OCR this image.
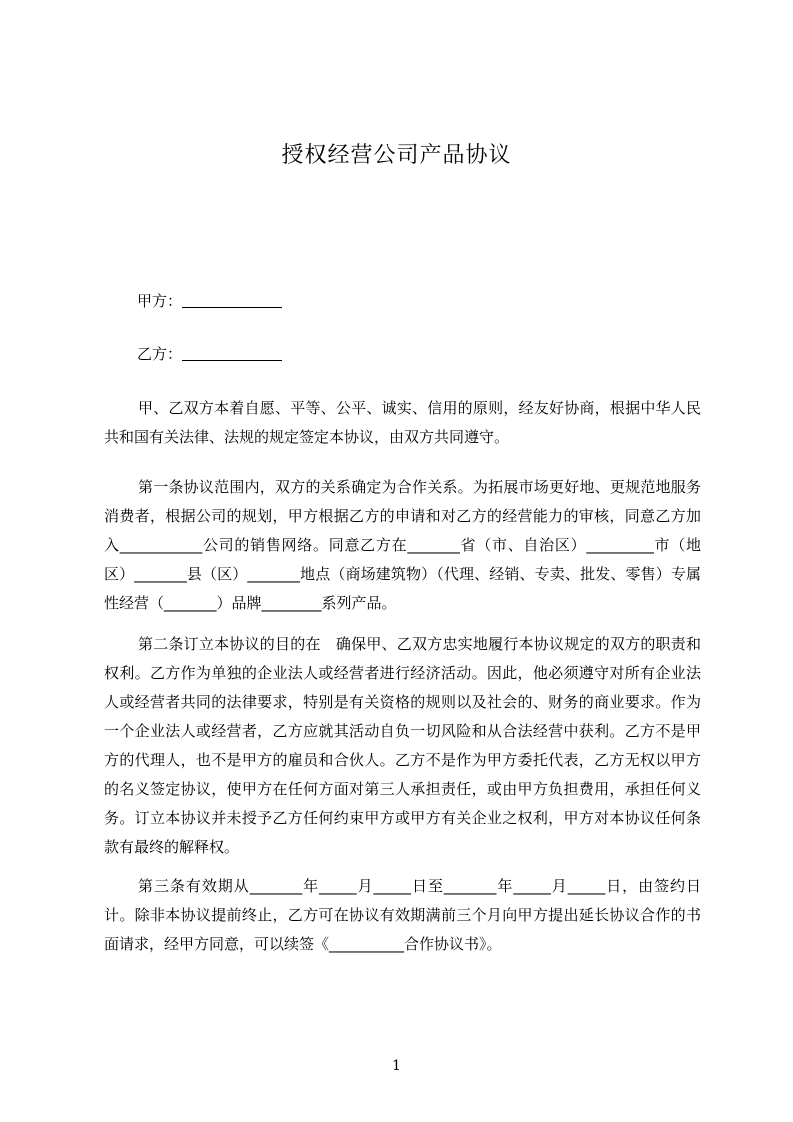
授权经营公司产品协议
甲方：
乙方：

甲、乙双方本着自愿、平等、公平、诚实、信用的原则，经友好协商，根据中华人民共和国有关法律、法规的规定签定本协议，由双方共同遵守。

第一条协议范围内，双方的关系确定为合作关系。为拓展市场更好地、更规范地服务消费者，根据公司的规划，甲方根据乙方的申请和对乙方的经营能力的审核，同意乙方加入___________公司的销售网络。同意乙方在_______省（市、自治区）_________市（地区）_______县（区）_______地点（商场建筑物）（代理、经销、专卖、批发、零售）专属性经营（_______）品牌________系列产品。

第二条订立本协议的目的在　确保甲、乙双方忠实地履行本协议规定的双方的职责和权利。乙方作为单独的企业法人或经营者进行经济活动。因此，他必须遵守对所有企业法人或经营者共同的法律要求，特别是有关资格的规则以及社会的、财务的商业要求。作为一个企业法人或经营者，乙方应就其活动自负一切风险和从合法经营中获利。乙方不是甲方的代理人，也不是甲方的雇员和合伙人。乙方不是作为甲方委托代表，乙方无权以甲方的名义签定协议，使甲方在任何方面对第三人承担责任，或由甲方负担费用，承担任何义务。订立本协议并未授予乙方任何约束甲方或甲方有关企业之权利，甲方对本协议任何条款有最终的解释权。

第三条有效期从_______年_____月_____日至_______年_____月_____日，由签约日计。除非本协议提前终止，乙方可在协议有效期满前三个月向甲方提出延长协议合作的书面请求，经甲方同意，可以续签《__________合作协议书》。

1
